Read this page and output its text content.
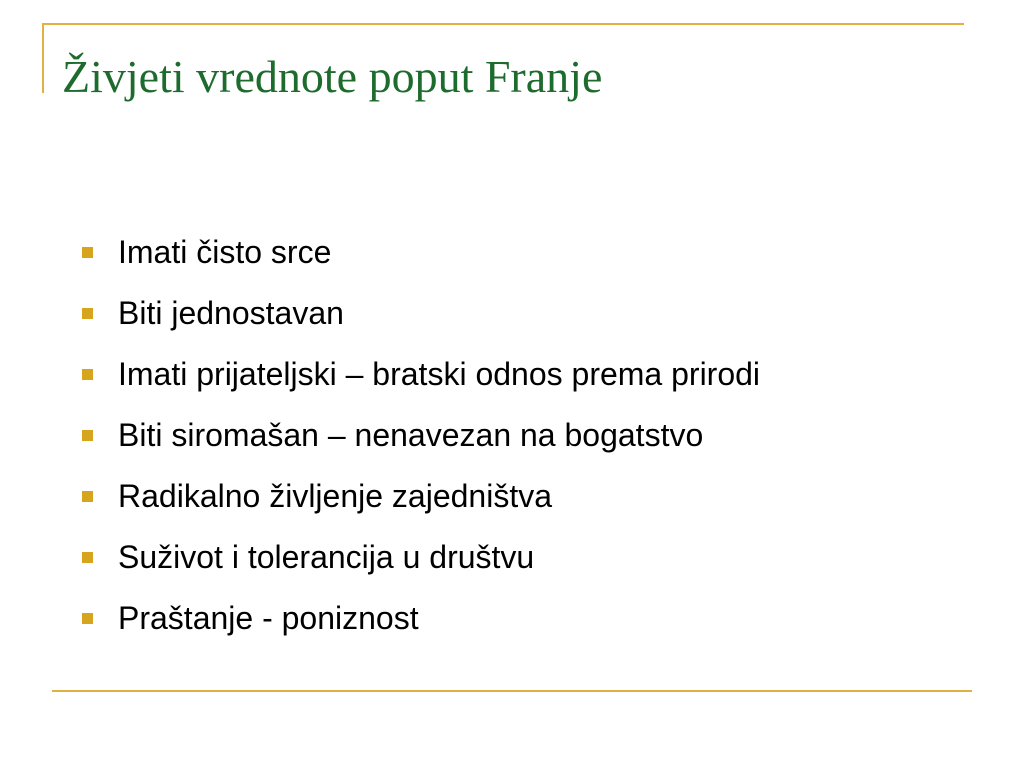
Živjeti vrednote poput Franje
Imati čisto srce
Biti jednostavan
Imati prijateljski – bratski odnos prema prirodi
Biti siromašan – nenavezan na bogatstvo
Radikalno življenje zajedništva
Suživot i tolerancija u društvu
Praštanje - poniznost
